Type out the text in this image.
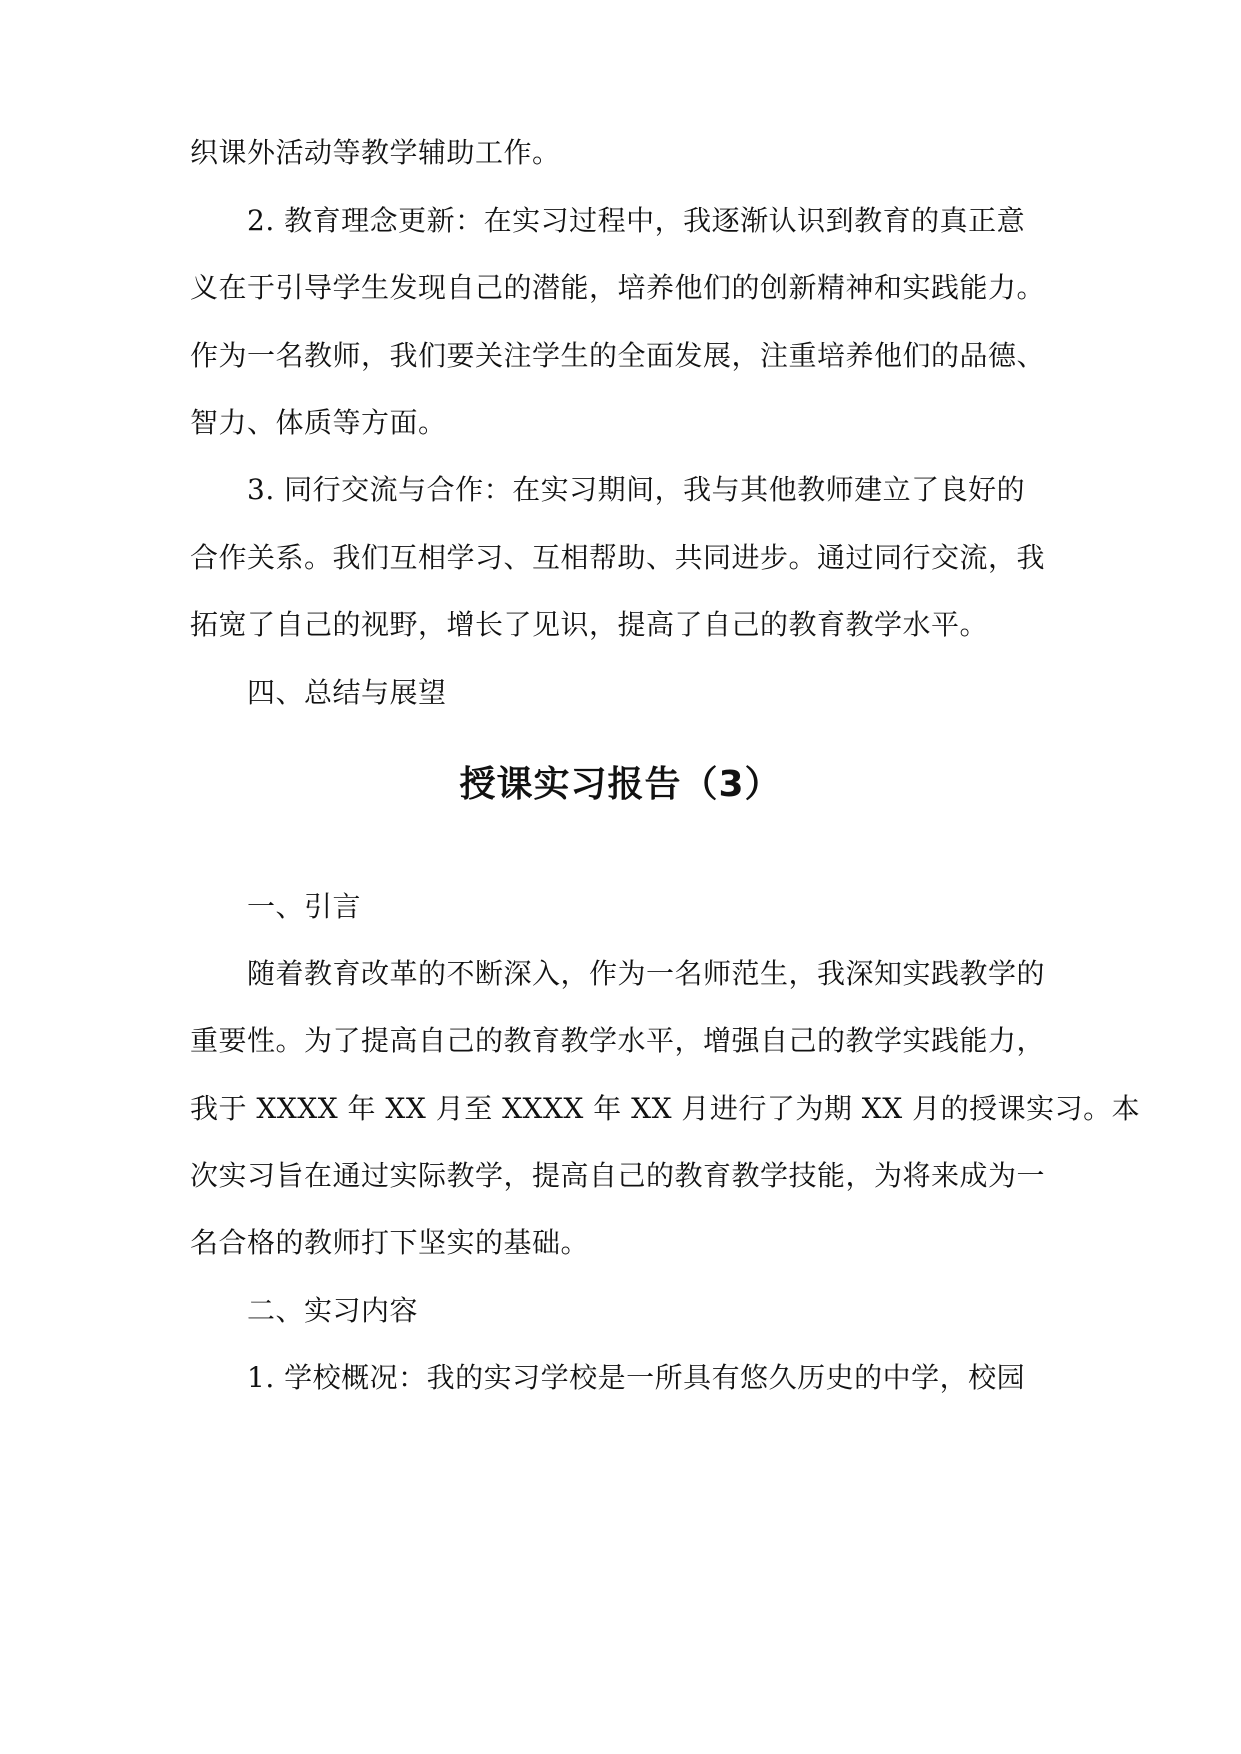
织课外活动等教学辅助工作。
2. 教育理念更新：在实习过程中，我逐渐认识到教育的真正意
义在于引导学生发现自己的潜能，培养他们的创新精神和实践能力。
作为一名教师，我们要关注学生的全面发展，注重培养他们的品德、
智力、体质等方面。
3. 同行交流与合作：在实习期间，我与其他教师建立了良好的
合作关系。我们互相学习、互相帮助、共同进步。通过同行交流，我
拓宽了自己的视野，增长了见识，提高了自己的教育教学水平。
四、总结与展望
授课实习报告（3）
一、引言
随着教育改革的不断深入，作为一名师范生，我深知实践教学的
重要性。为了提高自己的教育教学水平，增强自己的教学实践能力，
我于 XXXX 年 XX 月至 XXXX 年 XX 月进行了为期 XX 月的授课实习。本
次实习旨在通过实际教学，提高自己的教育教学技能，为将来成为一
名合格的教师打下坚实的基础。
二、实习内容
1. 学校概况：我的实习学校是一所具有悠久历史的中学，校园
